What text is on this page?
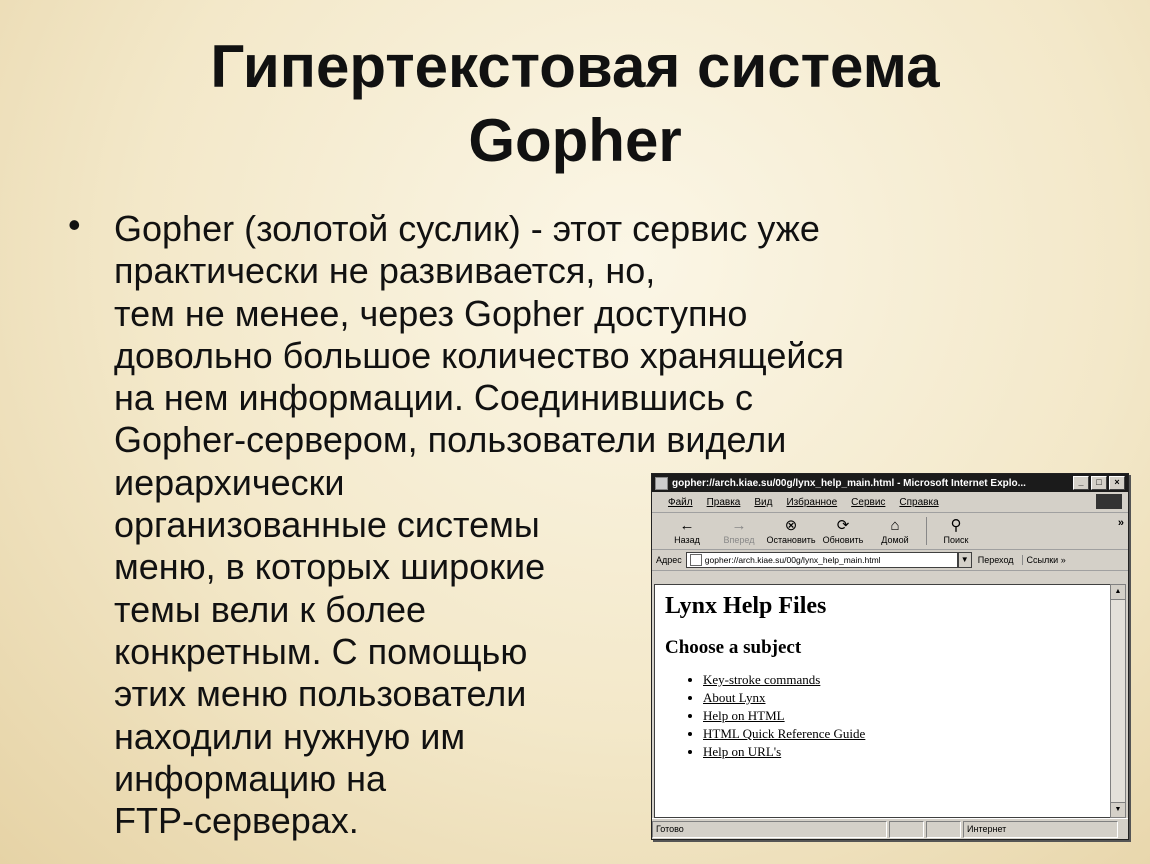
Гипертекстовая система
Gopher
• Gopher (золотой суслик) - этот сервис уже
практически не развивается, но,
тем не менее, через Gopher доступно
довольно большое количество хранящейся
на нем информации. Соединившись с
Gopher-сервером, пользователи видели
иерархически
организованные системы
меню, в которых широкие
темы вели к более
конкретным. С помощью
этих меню пользователи
находили нужную им
информацию на
FTP-серверах.
gopher://arch.kiae.su/00g/lynx_help_main.html - Microsoft Internet Explo...	_	□	×
Файл Правка Вид Избранное Сервис Справка
←
Назад
→
Вперед
⊗
Остановить
⟳
Обновить
⌂
Домой
⚲
Поиск
»
Адрес	gopher://arch.kiae.su/00g/lynx_help_main.html	▼	Переход	Ссылки »
Lynx Help Files
Choose a subject
• Key-stroke commands
• About Lynx
• Help on HTML
• HTML Quick Reference Guide
• Help on URL's
▲
▼
Готово	Интернет
